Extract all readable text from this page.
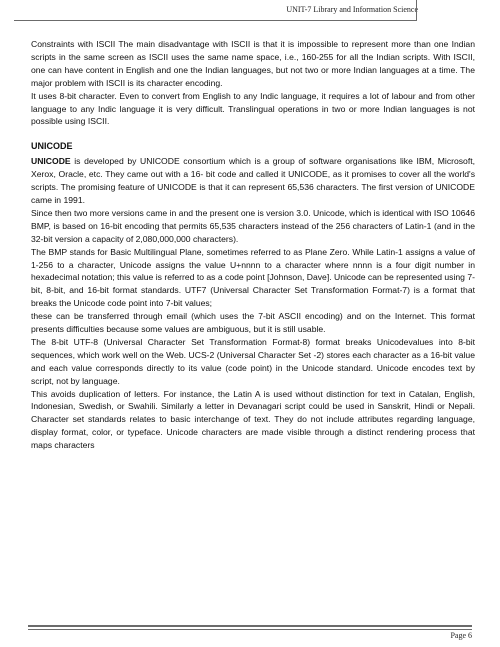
UNIT-7 Library and Information Science

Constraints with ISCII The main disadvantage with ISCII is that it is impossible to represent more than one Indian scripts in the same screen as ISCII uses the same name space, i.e., 160-255 for all the Indian scripts. With ISCII, one can have content in English and one the Indian languages, but not two or more Indian languages at a time. The major problem with ISCII is its character encoding.

It uses 8-bit character. Even to convert from English to any Indic language, it requires a lot of labour and from other language to any Indic language it is very difficult. Translingual operations in two or more Indian languages is not possible using ISCII.

UNICODE

UNICODE is developed by UNICODE consortium which is a group of software organisations like IBM, Microsoft, Xerox, Oracle, etc. They came out with a 16- bit code and called it UNICODE, as it promises to cover all the world's scripts. The promising feature of UNICODE is that it can represent 65,536 characters. The first version of UNICODE came in 1991.

Since then two more versions came in and the present one is version 3.0. Unicode, which is identical with ISO 10646 BMP, is based on 16-bit encoding that permits 65,535 characters instead of the 256 characters of Latin-1 (and in the 32-bit version a capacity of 2,080,000,000 characters).

The BMP stands for Basic Multilingual Plane, sometimes referred to as Plane Zero. While Latin-1 assigns a value of 1-256 to a character, Unicode assigns the value U+nnnn to a character where nnnn is a four digit number in hexadecimal notation; this value is referred to as a code point [Johnson, Dave]. Unicode can be represented using 7-bit, 8-bit, and 16-bit format standards. UTF7 (Universal Character Set Transformation Format-7) is a format that breaks the Unicode code point into 7-bit values;

these can be transferred through email (which uses the 7-bit ASCII encoding) and on the Internet. This format presents difficulties because some values are ambiguous, but it is still usable.

The 8-bit UTF-8 (Universal Character Set Transformation Format-8) format breaks Unicodevalues into 8-bit sequences, which work well on the Web. UCS-2 (Universal Character Set -2) stores each character as a 16-bit value and each value corresponds directly to its value (code point) in the Unicode standard. Unicode encodes text by script, not by language.

This avoids duplication of letters. For instance, the Latin A is used without distinction for text in Catalan, English, Indonesian, Swedish, or Swahili. Similarly a letter in Devanagari script could be used in Sanskrit, Hindi or Nepali. Character set standards relates to basic interchange of text. They do not include attributes regarding language, display format, color, or typeface. Unicode characters are made visible through a distinct rendering process that maps characters

Page 6
